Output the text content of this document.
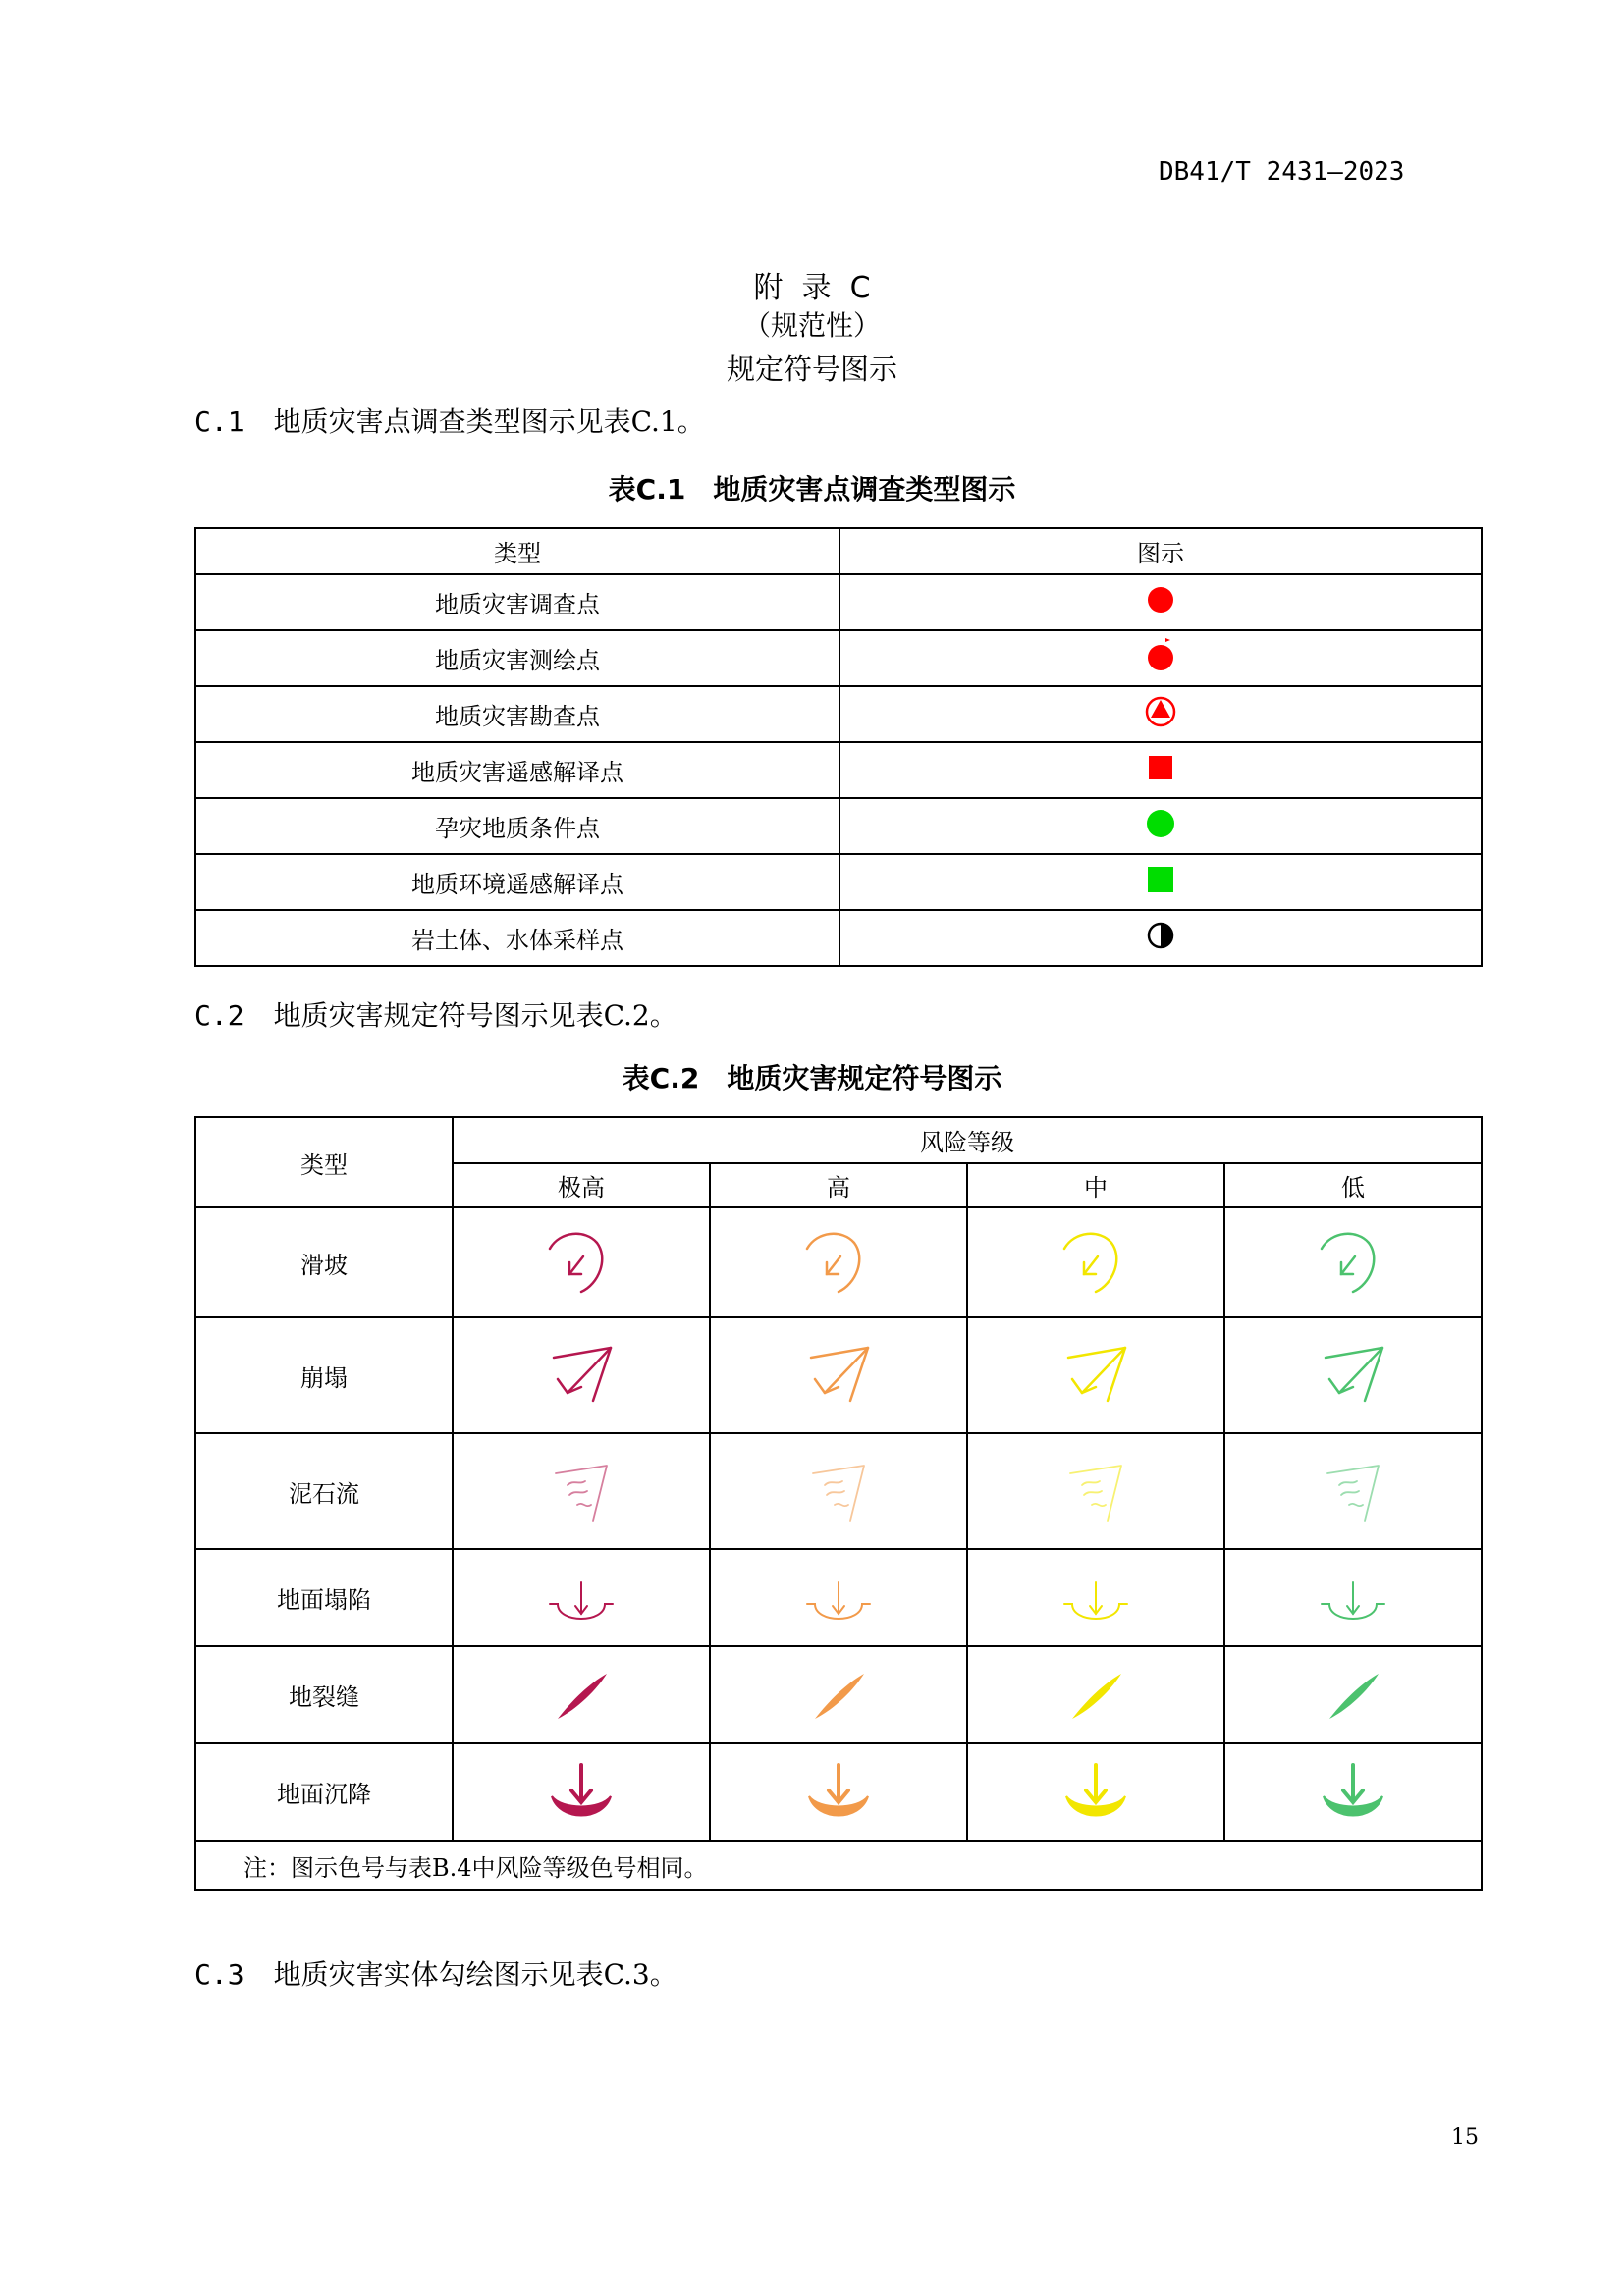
DB41/T 2431—2023
附  录  C
（规范性）
规定符号图示
C.1 地质灾害点调查类型图示见表C.1。
表C.1　地质灾害点调查类型图示
类型	图示
地质灾害调查点	
地质灾害测绘点	
地质灾害勘查点	
地质灾害遥感解译点	
孕灾地质条件点	
地质环境遥感解译点	
岩土体、水体采样点	
C.2 地质灾害规定符号图示见表C.2。
表C.2　地质灾害规定符号图示
类型	风险等级			
	极高	高	中	低
滑坡	

崩塌	

泥石流	

地面塌陷	

地裂缝	

地面沉降	

注：图示色号与表B.4中风险等级色号相同。				
C.3 地质灾害实体勾绘图示见表C.3。
15
